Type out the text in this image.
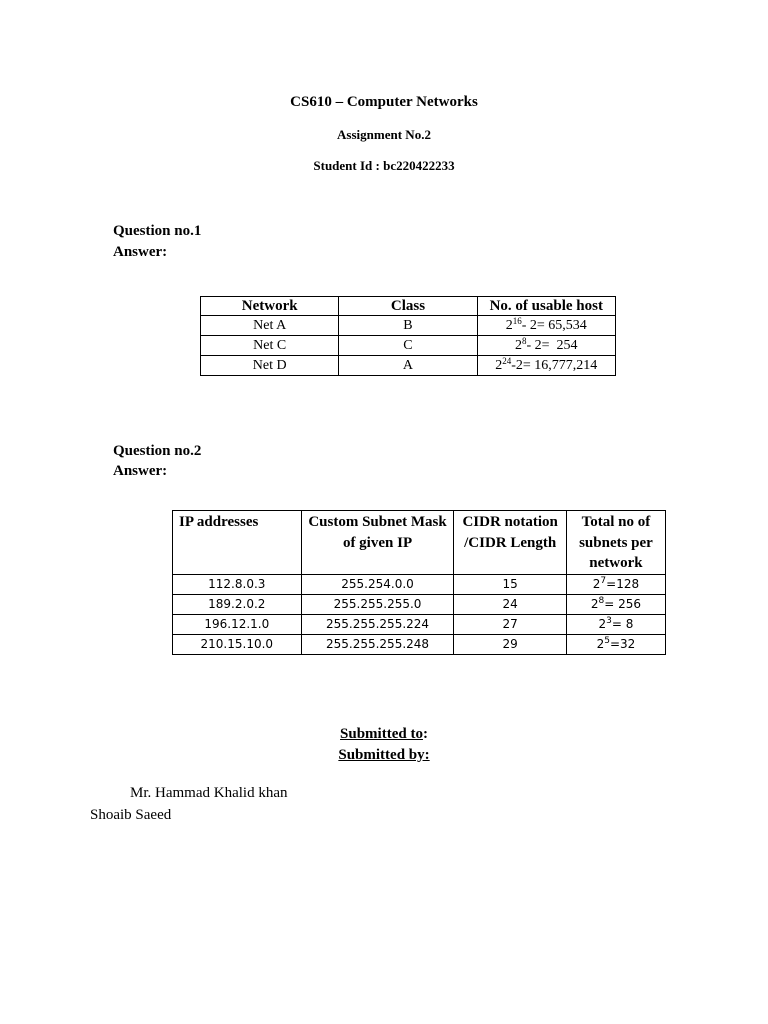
CS610 – Computer Networks
Assignment No.2
Student Id : bc220422233
Question no.1
Answer:
Network	Class	No. of usable host
Net A	B	$2^{16}-$ 2= 65,534
Net C	C	$2^8-$ 2=  254
Net D	A	$2^{24}-2= 16,777,214$
Question no.2
Answer:
IP addresses	Custom Subnet Mask of given IP	CIDR notation /CIDR Length	Total no of subnets per network
112.8.0.3	255.254.0.0	15	$2^7=128$
189.2.0.2	255.255.255.0	24	$2^8= 256$
196.12.1.0	255.255.255.224	27	$2^3= 8$
210.15.10.0	255.255.255.248	29	$2^5=32$
Submitted to:
Submitted by:
Mr. Hammad Khalid khan
Shoaib Saeed
